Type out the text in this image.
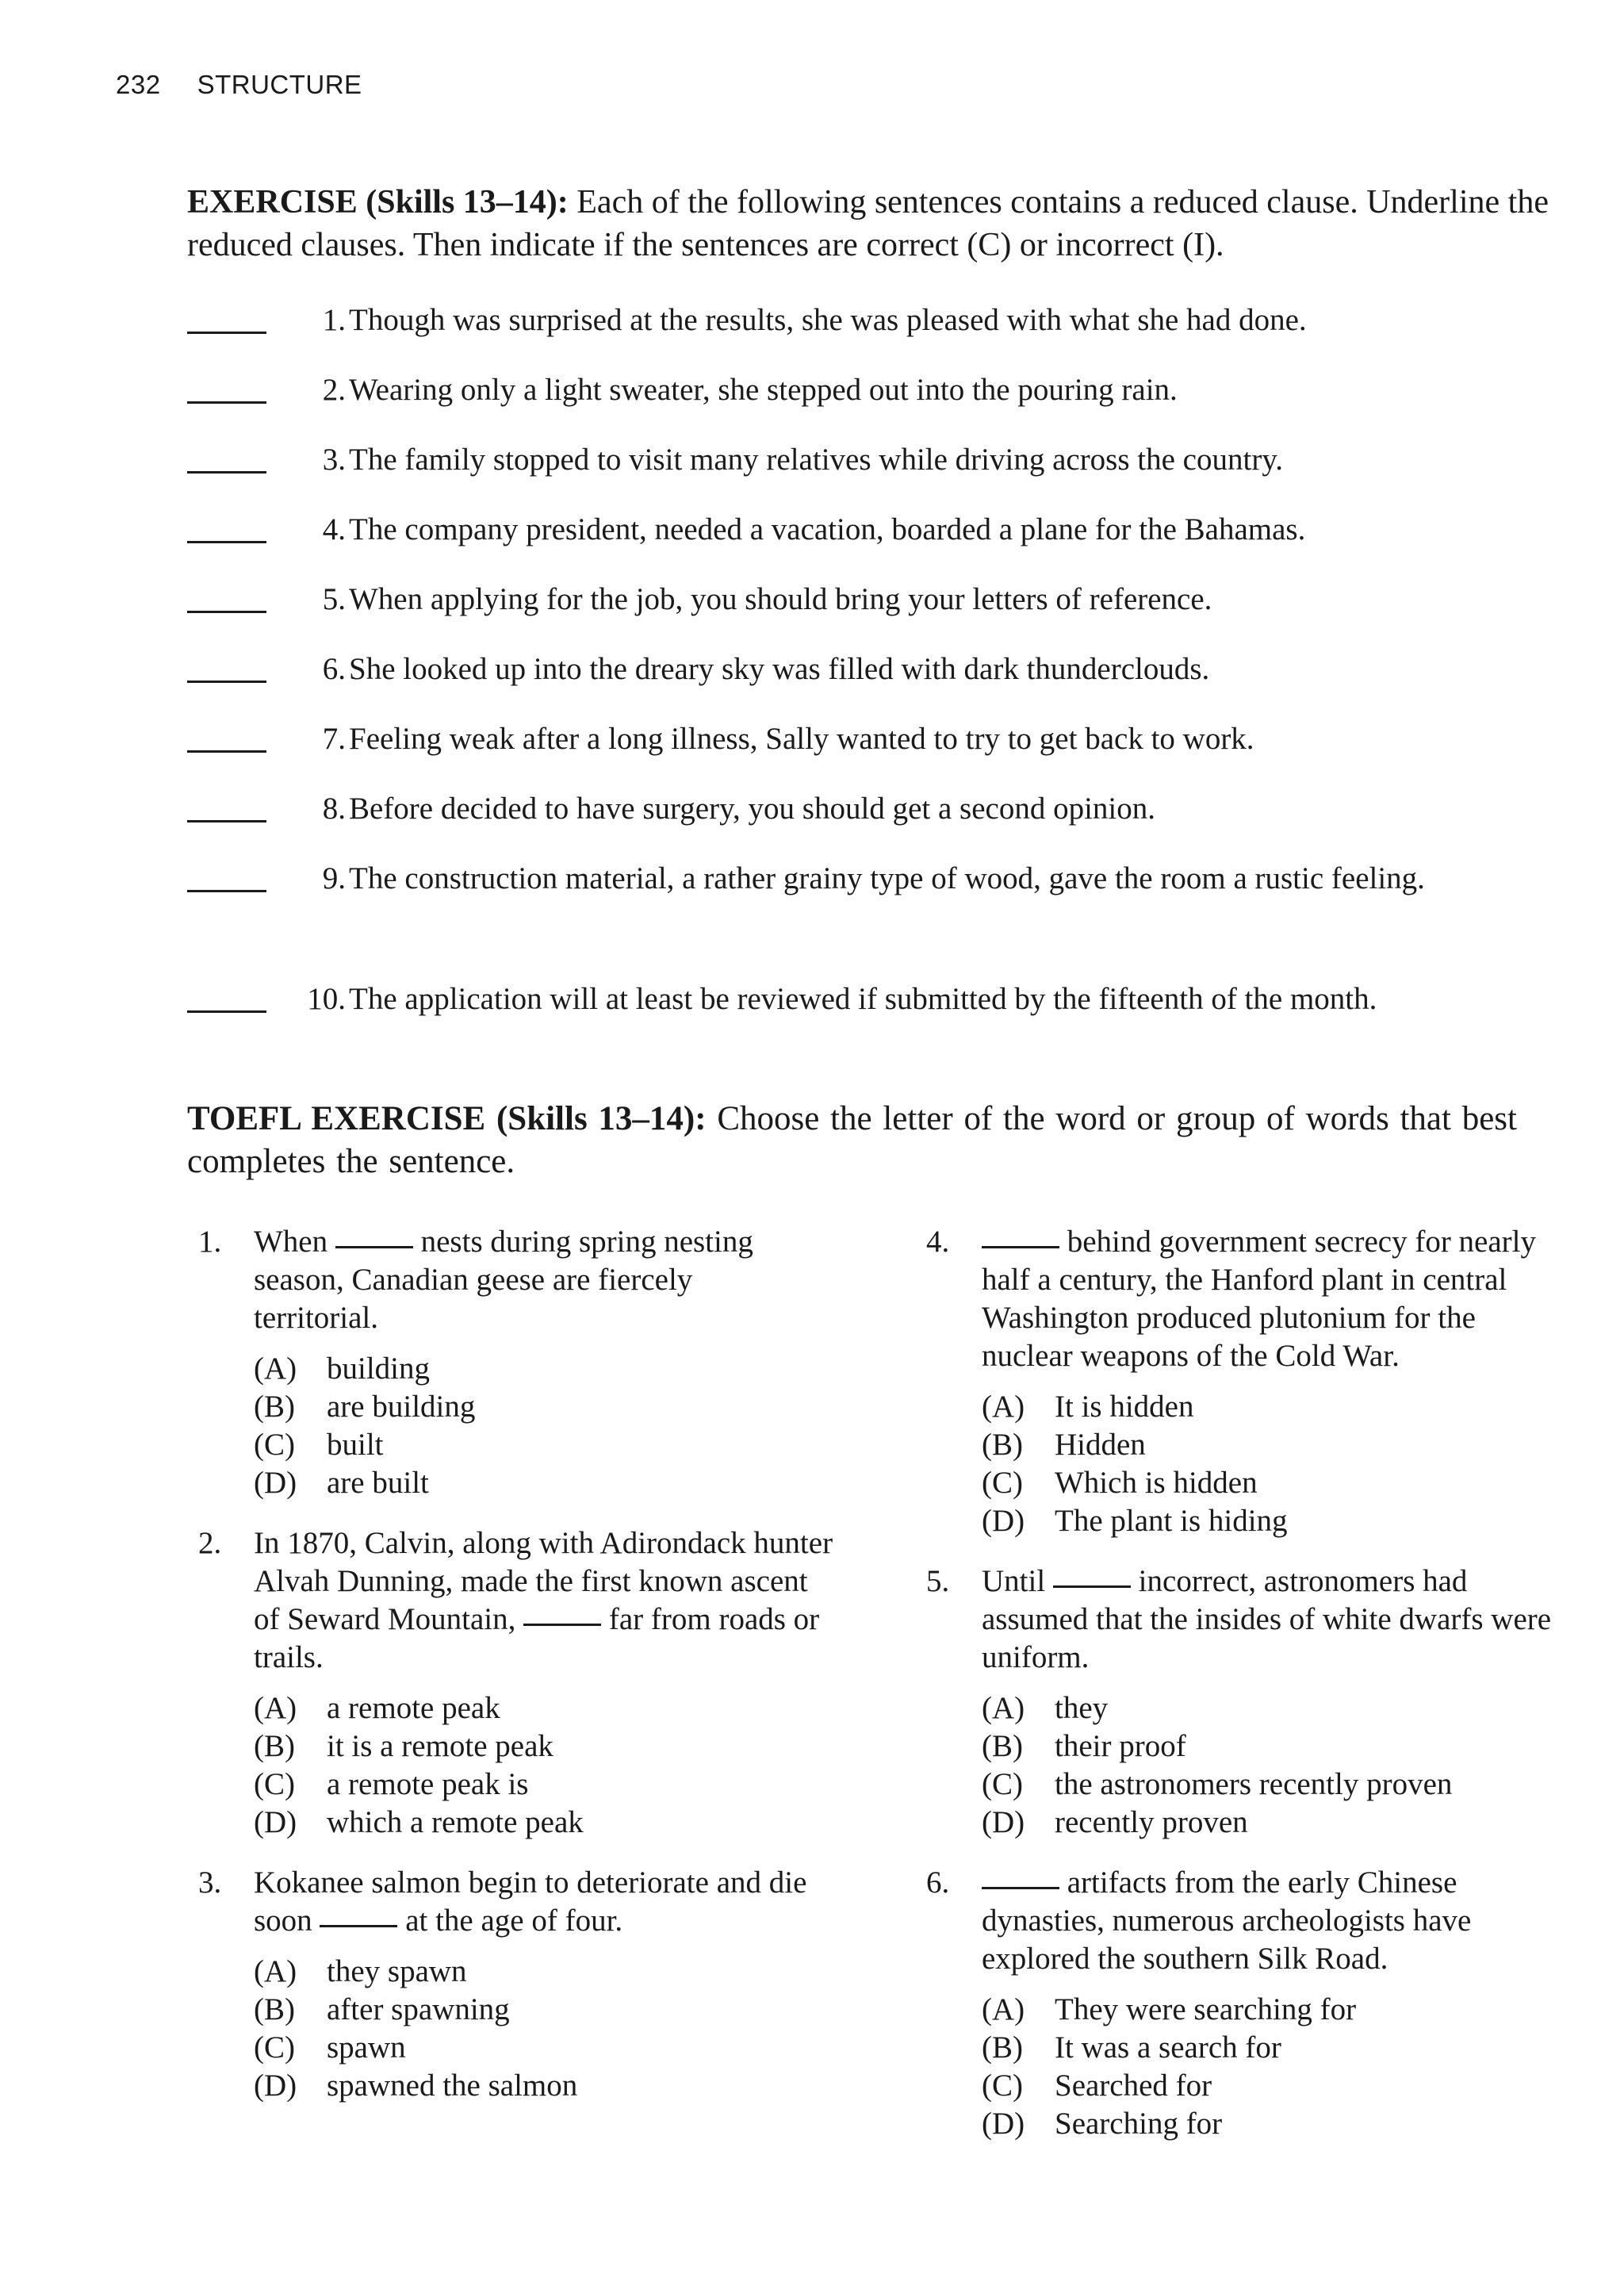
232 STRUCTURE
EXERCISE (Skills 13–14): Each of the following sentences contains a reduced clause. Underline the reduced clauses. Then indicate if the sentences are correct (C) or incorrect (I).
1. Though was surprised at the results, she was pleased with what she had done.
2. Wearing only a light sweater, she stepped out into the pouring rain.
3. The family stopped to visit many relatives while driving across the country.
4. The company president, needed a vacation, boarded a plane for the Bahamas.
5. When applying for the job, you should bring your letters of reference.
6. She looked up into the dreary sky was filled with dark thunderclouds.
7. Feeling weak after a long illness, Sally wanted to try to get back to work.
8. Before decided to have surgery, you should get a second opinion.
9. The construction material, a rather grainy type of wood, gave the room a rustic feeling.
10. The application will at least be reviewed if submitted by the fifteenth of the month.
TOEFL EXERCISE (Skills 13–14): Choose the letter of the word or group of words that best completes the sentence.
1. When	nests during spring nesting season, Canadian geese are fiercely territorial.
(A) building
(B)	are building
(C)	built
(D) are built
2. In 1870, Calvin, along with Adirondack hunter Alvah Dunning, made the first known ascent of Seward Mountain,	far from roads or trails.
(A) a remote peak
(B)	it is a remote peak
(C)	a remote peak is
(D) which a remote peak
3. Kokanee salmon begin to deteriorate and die soon	at the age of four.
(A) they spawn
(B)	after spawning
(C)	spawn
(D) spawned the salmon
4.	behind government secrecy for nearly half a century, the Hanford plant in central Washington produced plutonium for the nuclear weapons of the Cold War.
(A) It is hidden
(B)	Hidden
(C)	Which is hidden
(D) The plant is hiding
5. Until	incorrect, astronomers had assumed that the insides of white dwarfs were uniform.
(A) they
(B)	their proof
(C)	the astronomers recently proven
(D) recently proven
6.	artifacts from the early Chinese dynasties, numerous archeologists have explored the southern Silk Road.
(A) They were searching for
(B)	It was a search for
(C)	Searched for
(D) Searching for
